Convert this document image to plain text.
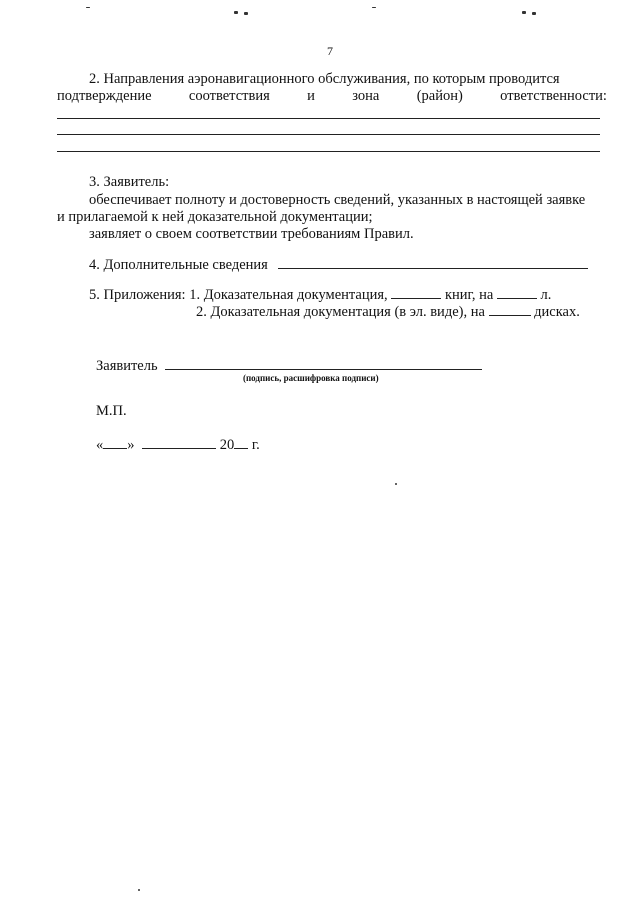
7
2. Направления аэронавигационного обслуживания, по которым проводится
подтверждение	соответствия	и	зона	(район)	ответственности:
3. Заявитель:
обеспечивает полноту и достоверность сведений, указанных в настоящей заявке
и прилагаемой к ней доказательной документации;
заявляет о своем соответствии требованиям Правил.
4. Дополнительные сведения
5. Приложения: 1. Доказательная документация,	книг, на	л.
2. Доказательная документация (в эл. виде), на	дисках.
Заявитель
(подпись, расшифровка подписи)
М.П.
« »	20 г.
